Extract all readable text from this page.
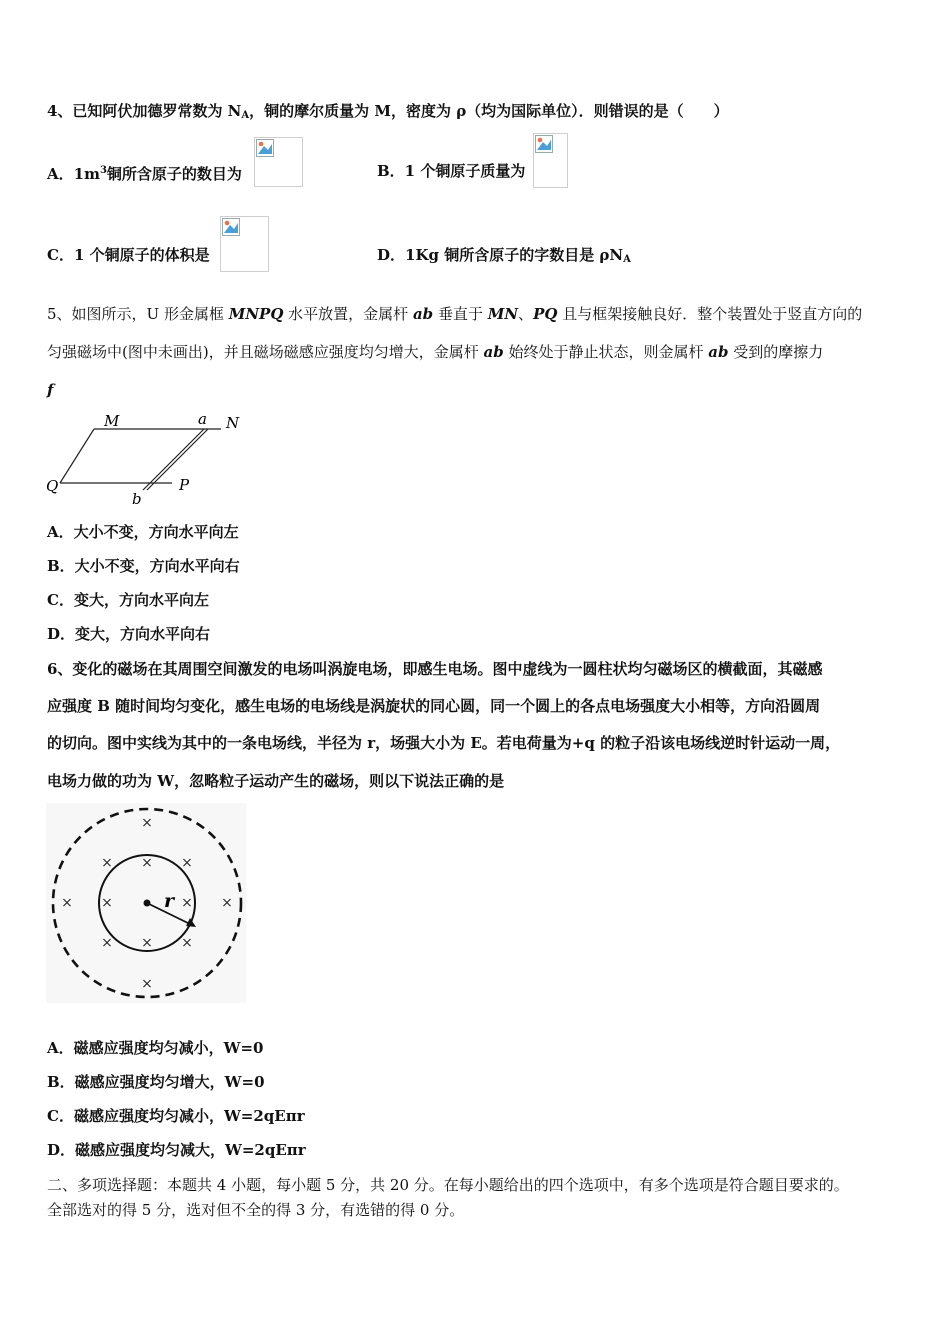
4、已知阿伏加德罗常数为 $N_A$，铜的摩尔质量为 M，密度为 ρ（均为国际单位）．则错误的是（　　）
A．$1m^3$铜所含原子的数目为	B．1 个铜原子质量为
C．1 个铜原子的体积是	D．1Kg 铜所含原子的字数目是 $\rho N_A$
5、如图所示，U 形金属框 MNPQ 水平放置，金属杆 ab 垂直于 MN、PQ 且与框架接触良好．整个装置处于竖直方向的
匀强磁场中(图中未画出)，并且磁场磁感应强度均匀增大，金属杆 ab 始终处于静止状态，则金属杆 ab 受到的摩擦力
f
M	a N
Q
b
P
A．大小不变，方向水平向左
B．大小不变，方向水平向右
C．变大，方向水平向左
D．变大，方向水平向右
6、变化的磁场在其周围空间激发的电场叫涡旋电场，即感生电场。图中虚线为一圆柱状均匀磁场区的横截面，其磁感
应强度 B 随时间均匀变化，感生电场的电场线是涡旋状的同心圆，同一个圆上的各点电场强度大小相等，方向沿圆周
的切向。图中实线为其中的一条电场线，半径为 r，场强大小为 E。若电荷量为+q 的粒子沿该电场线逆时针运动一周，
电场力做的功为 W，忽略粒子运动产生的磁场，则以下说法正确的是
r
×
×
×	×
× ×	× ×
× × ×
×
A．磁感应强度均匀减小，W=0
B．磁感应强度均匀增大，W=0
C．磁感应强度均匀减小，W=2qEπr
D．磁感应强度均匀减大，W=2qEπr
二、多项选择题：本题共 4 小题，每小题 5 分，共 20 分。在每小题给出的四个选项中，有多个选项是符合题目要求的。
全部选对的得 5 分，选对但不全的得 3 分，有选错的得 0 分。
